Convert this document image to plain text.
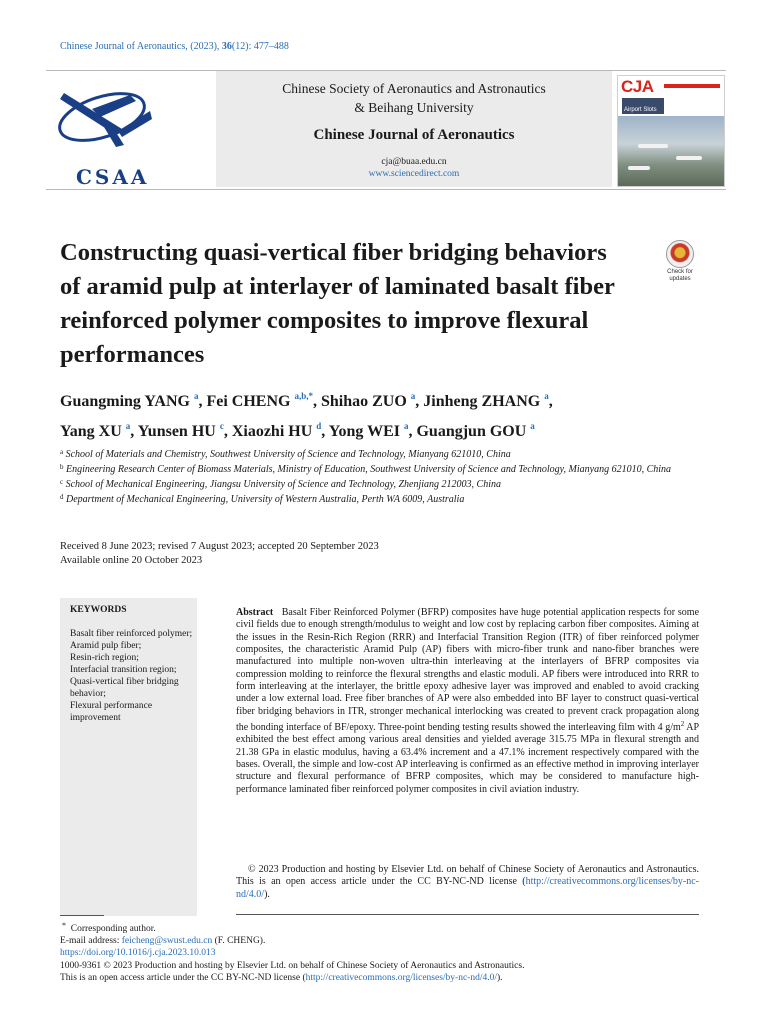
Chinese Journal of Aeronautics, (2023), 36(12): 477–488
CSAA
Chinese Society of Aeronautics and Astronautics
& Beihang University
Chinese Journal of Aeronautics
cja@buaa.edu.cn
www.sciencedirect.com
CJA
Airport Slots
Constructing quasi-vertical fiber bridging behaviors of aramid pulp at interlayer of laminated basalt fiber reinforced polymer composites to improve flexural performances
Check for
updates
Guangming YANG $^a$, Fei CHENG $^{a,b,*}$, Shihao ZUO $^a$, Jinheng ZHANG $^a$,
Yang XU $^a$, Yunsen HU $^c$, Xiaozhi HU $^d$, Yong WEI $^a$, Guangjun GOU $^a$
$^a$ School of Materials and Chemistry, Southwest University of Science and Technology, Mianyang 621010, China
$^b$ Engineering Research Center of Biomass Materials, Ministry of Education, Southwest University of Science and Technology, Mianyang 621010, China
$^c$ School of Mechanical Engineering, Jiangsu University of Science and Technology, Zhenjiang 212003, China
$^d$ Department of Mechanical Engineering, University of Western Australia, Perth WA 6009, Australia
Received 8 June 2023; revised 7 August 2023; accepted 20 September 2023
Available online 20 October 2023
KEYWORDS
Basalt fiber reinforced polymer;
Aramid pulp fiber;
Resin-rich region;
Interfacial transition region;
Quasi-vertical fiber bridging behavior;
Flexural performance improvement
Abstract Basalt Fiber Reinforced Polymer (BFRP) composites have huge potential application respects for some civil fields due to enough strength/modulus to weight and low cost by replacing carbon fiber composites. Aiming at the issues in the Resin-Rich Region (RRR) and Interfacial Transition Region (ITR) of fiber reinforced polymer composites, the characteristic Aramid Pulp (AP) fibers with micro-fiber trunk and nano-fiber branches were manufactured into multiple non-woven ultra-thin interleaving at the interlayers of BFRP composites via compression molding to reinforce the flexural strengths and elastic moduli. AP fibers were introduced into RRR to form interleaving at the interlayer, the brittle epoxy adhesive layer was improved and enabled to avoid cracking under a low external load. Free fiber branches of AP were also embedded into BF layer to construct quasi-vertical fiber bridging behaviors in ITR, stronger mechanical interlocking was created to prevent crack propagation along the bonding interface of BF/epoxy. Three-point bending testing results showed the interleaving film with 4 $g/m^2$ AP exhibited the best effect among various areal densities and yielded average 315.75 MPa in flexural strength and 21.38 GPa in elastic modulus, having a 63.4% increment and a 47.1% increment respectively compared with the bases. Overall, the simple and low-cost AP interleaving is confirmed as an effective method in improving interlayer structure and flexural performance of BFRP composites, which may be considered to manufacture high-performance laminated fiber reinforced polymer composites in civil aviation industry.
© 2023 Production and hosting by Elsevier Ltd. on behalf of Chinese Society of Aeronautics and Astronautics. This is an open access article under the CC BY-NC-ND license (http://creativecommons.org/licenses/by-nc-nd/4.0/).
* Corresponding author.
E-mail address: feicheng@swust.edu.cn (F. CHENG).
https://doi.org/10.1016/j.cja.2023.10.013
1000-9361 © 2023 Production and hosting by Elsevier Ltd. on behalf of Chinese Society of Aeronautics and Astronautics.
This is an open access article under the CC BY-NC-ND license (http://creativecommons.org/licenses/by-nc-nd/4.0/).
